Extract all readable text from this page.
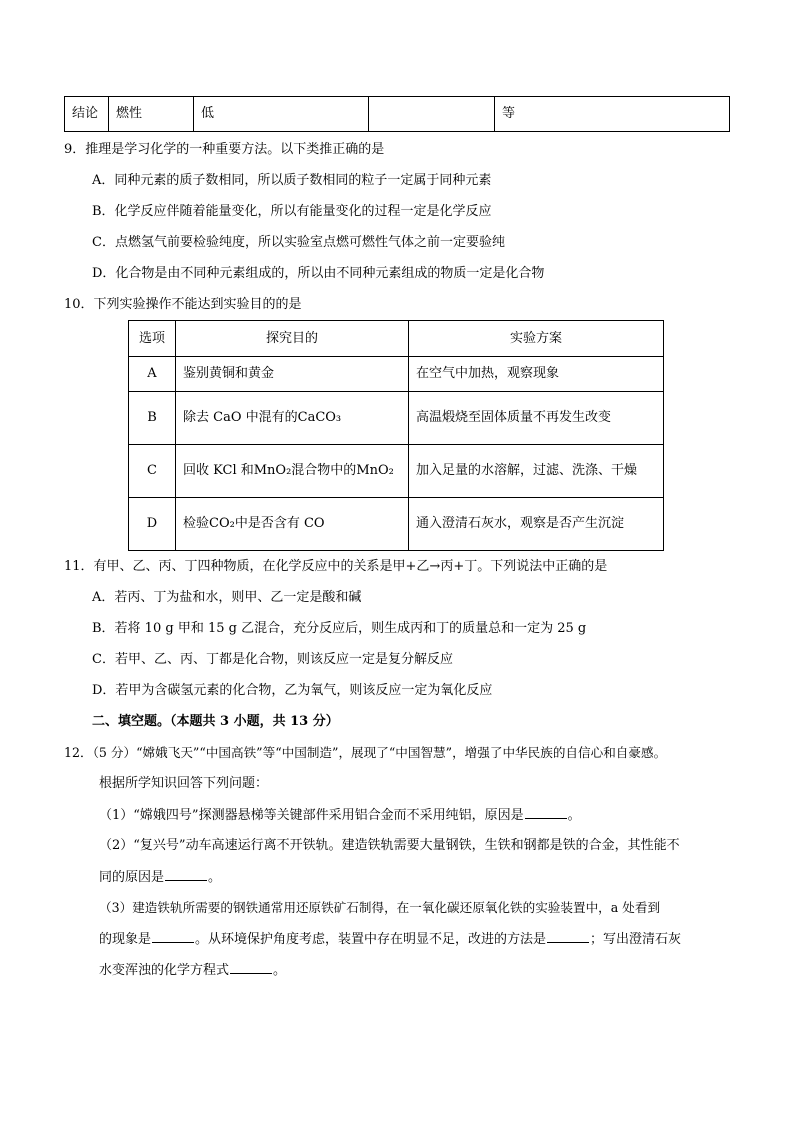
结论	燃性	低		等
9．推理是学习化学的一种重要方法。以下类推正确的是
A．同种元素的质子数相同，所以质子数相同的粒子一定属于同种元素
B．化学反应伴随着能量变化，所以有能量变化的过程一定是化学反应
C．点燃氢气前要检验纯度，所以实验室点燃可燃性气体之前一定要验纯
D．化合物是由不同种元素组成的，所以由不同种元素组成的物质一定是化合物
10．下列实验操作不能达到实验目的的是
选项	探究目的	实验方案
A	鉴别黄铜和黄金	在空气中加热，观察现象
B	除去 CaO 中混有的CaCO₃	高温煅烧至固体质量不再发生改变
C	回收 KCl 和MnO₂混合物中的MnO₂	加入足量的水溶解，过滤、洗涤、干燥
D	检验CO₂中是否含有 CO	通入澄清石灰水，观察是否产生沉淀
11．有甲、乙、丙、丁四种物质，在化学反应中的关系是甲+乙→丙+丁。下列说法中正确的是
A．若丙、丁为盐和水，则甲、乙一定是酸和碱
B．若将 10 g 甲和 15 g 乙混合，充分反应后，则生成丙和丁的质量总和一定为 25 g
C．若甲、乙、丙、丁都是化合物，则该反应一定是复分解反应
D．若甲为含碳氢元素的化合物，乙为氧气，则该反应一定为氧化反应
二、填空题。（本题共 3 小题，共 13 分）
12．（5 分）“嫦娥飞天”“中国高铁”等“中国制造”，展现了“中国智慧”，增强了中华民族的自信心和自豪感。
根据所学知识回答下列问题：
（1）“嫦娥四号”探测器悬梯等关键部件采用铝合金而不采用纯铝，原因是	。
（2）“复兴号”动车高速运行离不开铁轨。建造铁轨需要大量钢铁，生铁和钢都是铁的合金，其性能不
同的原因是	。
（3）建造铁轨所需要的钢铁通常用还原铁矿石制得，在一氧化碳还原氧化铁的实验装置中，a 处看到
的现象是	。从环境保护角度考虑，装置中存在明显不足，改进的方法是	；写出澄清石灰
水变浑浊的化学方程式	。
